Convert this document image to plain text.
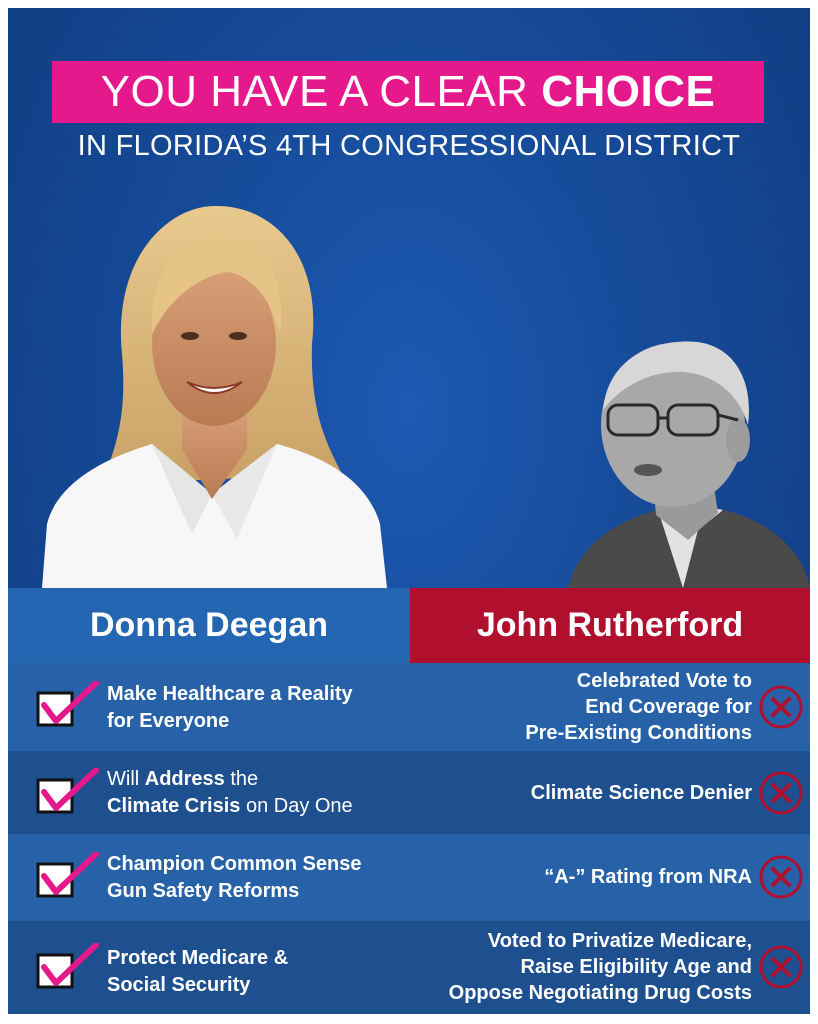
YOU HAVE A CLEAR CHOICE
IN FLORIDA’S 4TH CONGRESSIONAL DISTRICT
Donna Deegan	John Rutherford
Make Healthcare a Reality
for Everyone
Celebrated Vote to
End Coverage for
Pre-Existing Conditions
Will Address the
Climate Crisis on Day One
Climate Science Denier
Champion Common Sense
Gun Safety Reforms
“A-” Rating from NRA
Protect Medicare &
Social Security
Voted to Privatize Medicare,
Raise Eligibility Age and
Oppose Negotiating Drug Costs
